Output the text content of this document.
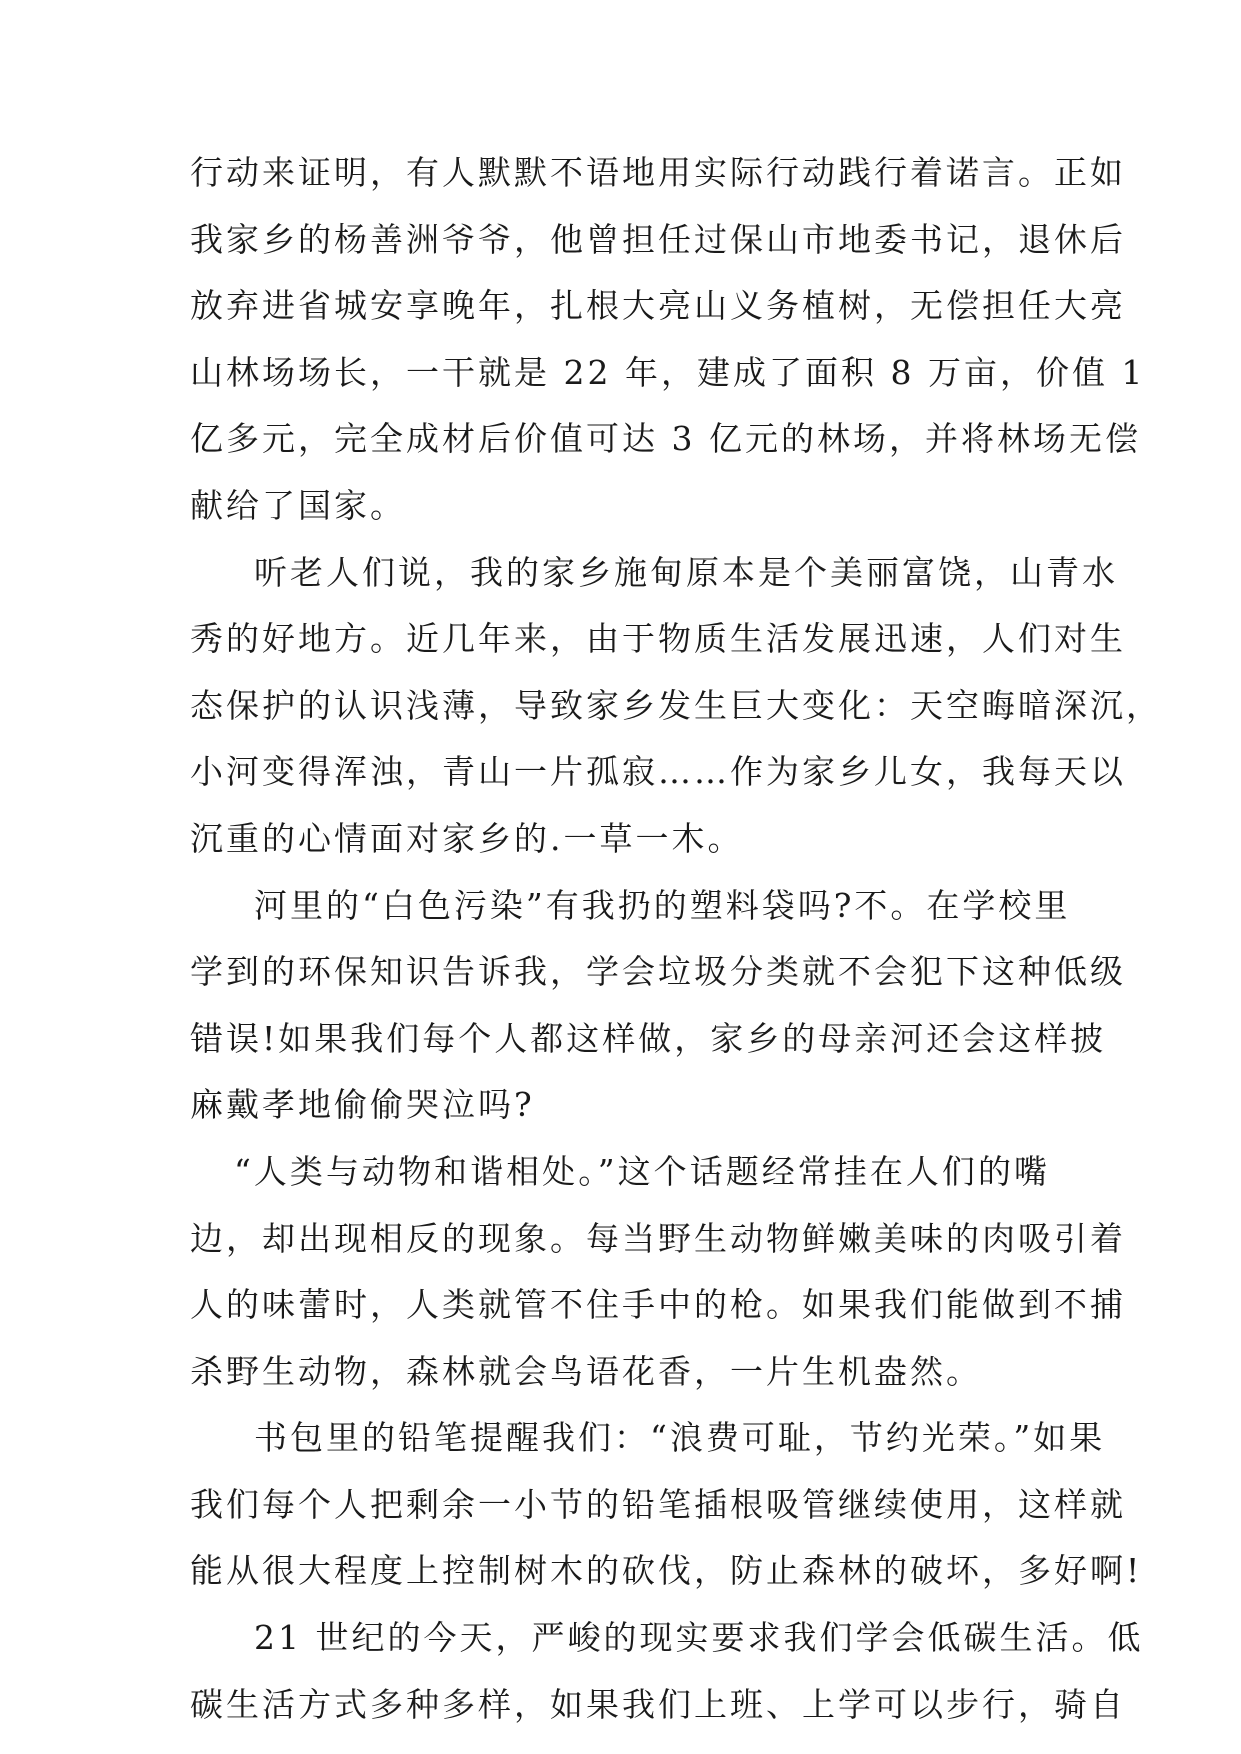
行动来证明，有人默默不语地用实际行动践行着诺言。正如
我家乡的杨善洲爷爷，他曾担任过保山市地委书记，退休后
放弃进省城安享晚年，扎根大亮山义务植树，无偿担任大亮
山林场场长，一干就是 22 年，建成了面积 8 万亩，价值 1
亿多元，完全成材后价值可达 3 亿元的林场，并将林场无偿
献给了国家。
听老人们说，我的家乡施甸原本是个美丽富饶，山青水
秀的好地方。近几年来，由于物质生活发展迅速，人们对生
态保护的认识浅薄，导致家乡发生巨大变化：天空晦暗深沉，
小河变得浑浊，青山一片孤寂……作为家乡儿女，我每天以
沉重的心情面对家乡的.一草一木。
河里的“白色污染”有我扔的塑料袋吗?不。在学校里
学到的环保知识告诉我，学会垃圾分类就不会犯下这种低级
错误!如果我们每个人都这样做，家乡的母亲河还会这样披
麻戴孝地偷偷哭泣吗?
“人类与动物和谐相处。”这个话题经常挂在人们的嘴
边，却出现相反的现象。每当野生动物鲜嫩美味的肉吸引着
人的味蕾时，人类就管不住手中的枪。如果我们能做到不捕
杀野生动物，森林就会鸟语花香，一片生机盎然。
书包里的铅笔提醒我们：“浪费可耻，节约光荣。”如果
我们每个人把剩余一小节的铅笔插根吸管继续使用，这样就
能从很大程度上控制树木的砍伐，防止森林的破坏，多好啊!
21 世纪的今天，严峻的现实要求我们学会低碳生活。低
碳生活方式多种多样，如果我们上班、上学可以步行，骑自
